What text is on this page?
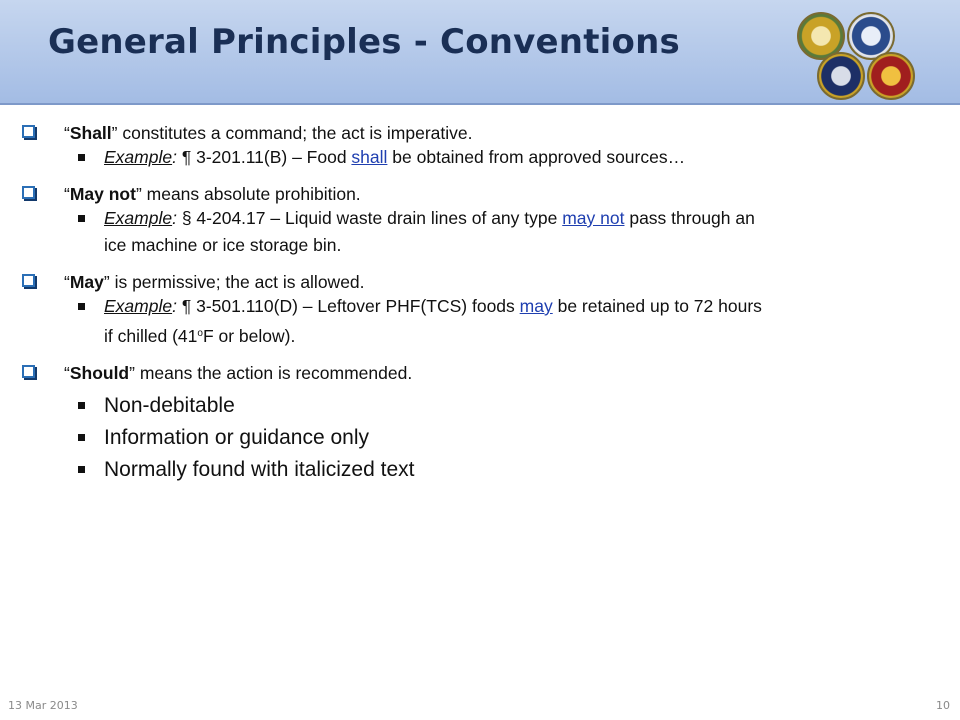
General Principles - Conventions

“Shall” constitutes a command; the act is imperative.

Example: ¶ 3-201.11(B) – Food shall be obtained from approved sources…

“May not” means absolute prohibition.

Example: § 4-204.17 – Liquid waste drain lines of any type may not pass through an
ice machine or ice storage bin.

“May” is permissive; the act is allowed.

Example: ¶ 3-501.110(D) – Leftover PHF(TCS) foods may be retained up to 72 hours
if chilled (41$^o$F or below).

“Should” means the action is recommended.

Non-debitable

Information or guidance only

Normally found with italicized text

13 Mar 2013	10
